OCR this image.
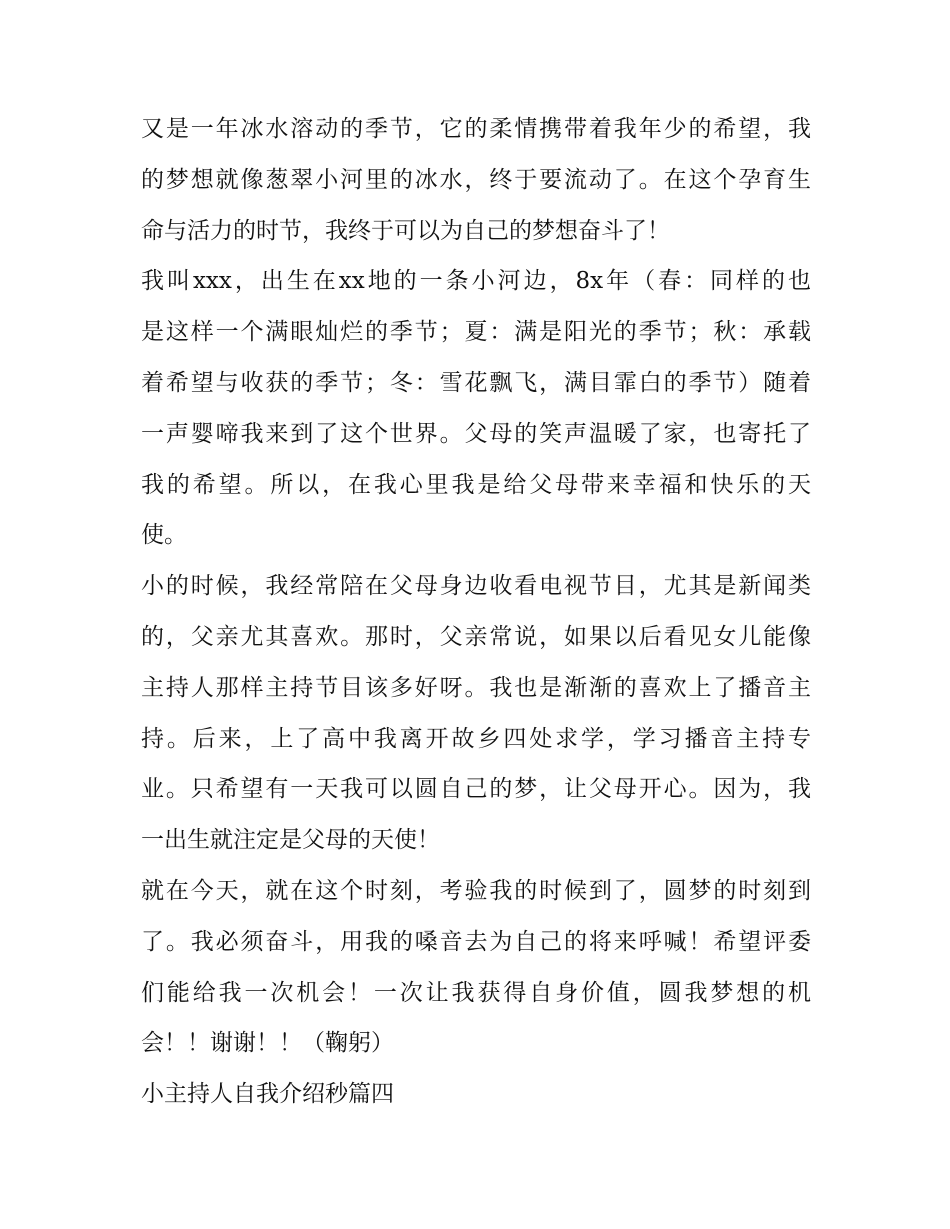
又是一年冰水溶动的季节，它的柔情携带着我年少的希望，我
的梦想就像葱翠小河里的冰水，终于要流动了。在这个孕育生
命与活力的时节，我终于可以为自己的梦想奋斗了！
我叫xxx，出生在xx地的一条小河边，8x年（春：同样的也
是这样一个满眼灿烂的季节；夏：满是阳光的季节；秋：承载
着希望与收获的季节；冬：雪花飘飞，满目霏白的季节）随着
一声婴啼我来到了这个世界。父母的笑声温暖了家，也寄托了
我的希望。所以，在我心里我是给父母带来幸福和快乐的天
使。
小的时候，我经常陪在父母身边收看电视节目，尤其是新闻类
的，父亲尤其喜欢。那时，父亲常说，如果以后看见女儿能像
主持人那样主持节目该多好呀。我也是渐渐的喜欢上了播音主
持。后来，上了高中我离开故乡四处求学，学习播音主持专
业。只希望有一天我可以圆自己的梦，让父母开心。因为，我
一出生就注定是父母的天使！
就在今天，就在这个时刻，考验我的时候到了，圆梦的时刻到
了。我必须奋斗，用我的嗓音去为自己的将来呼喊！希望评委
们能给我一次机会！一次让我获得自身价值，圆我梦想的机
会！！谢谢！！（鞠躬）
小主持人自我介绍秒篇四
